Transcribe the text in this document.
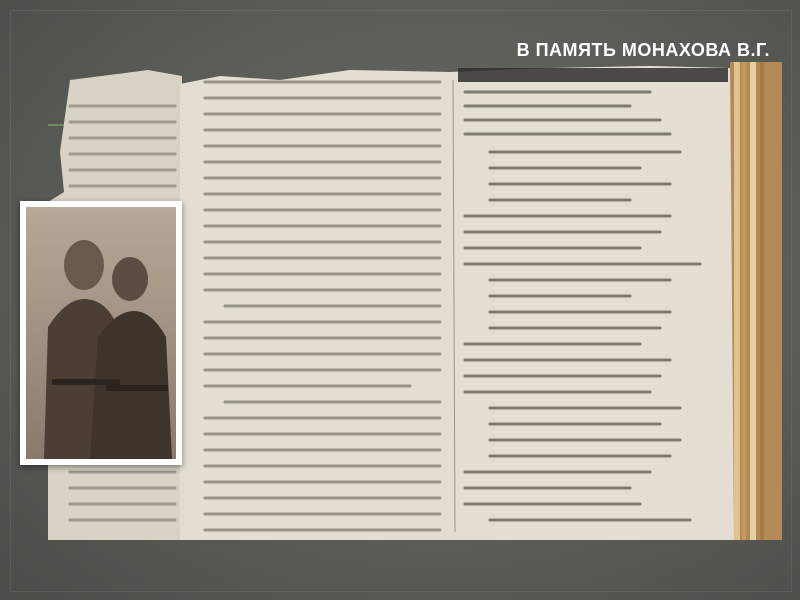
В ПАМЯТЬ МОНАХОВА В.Г.
